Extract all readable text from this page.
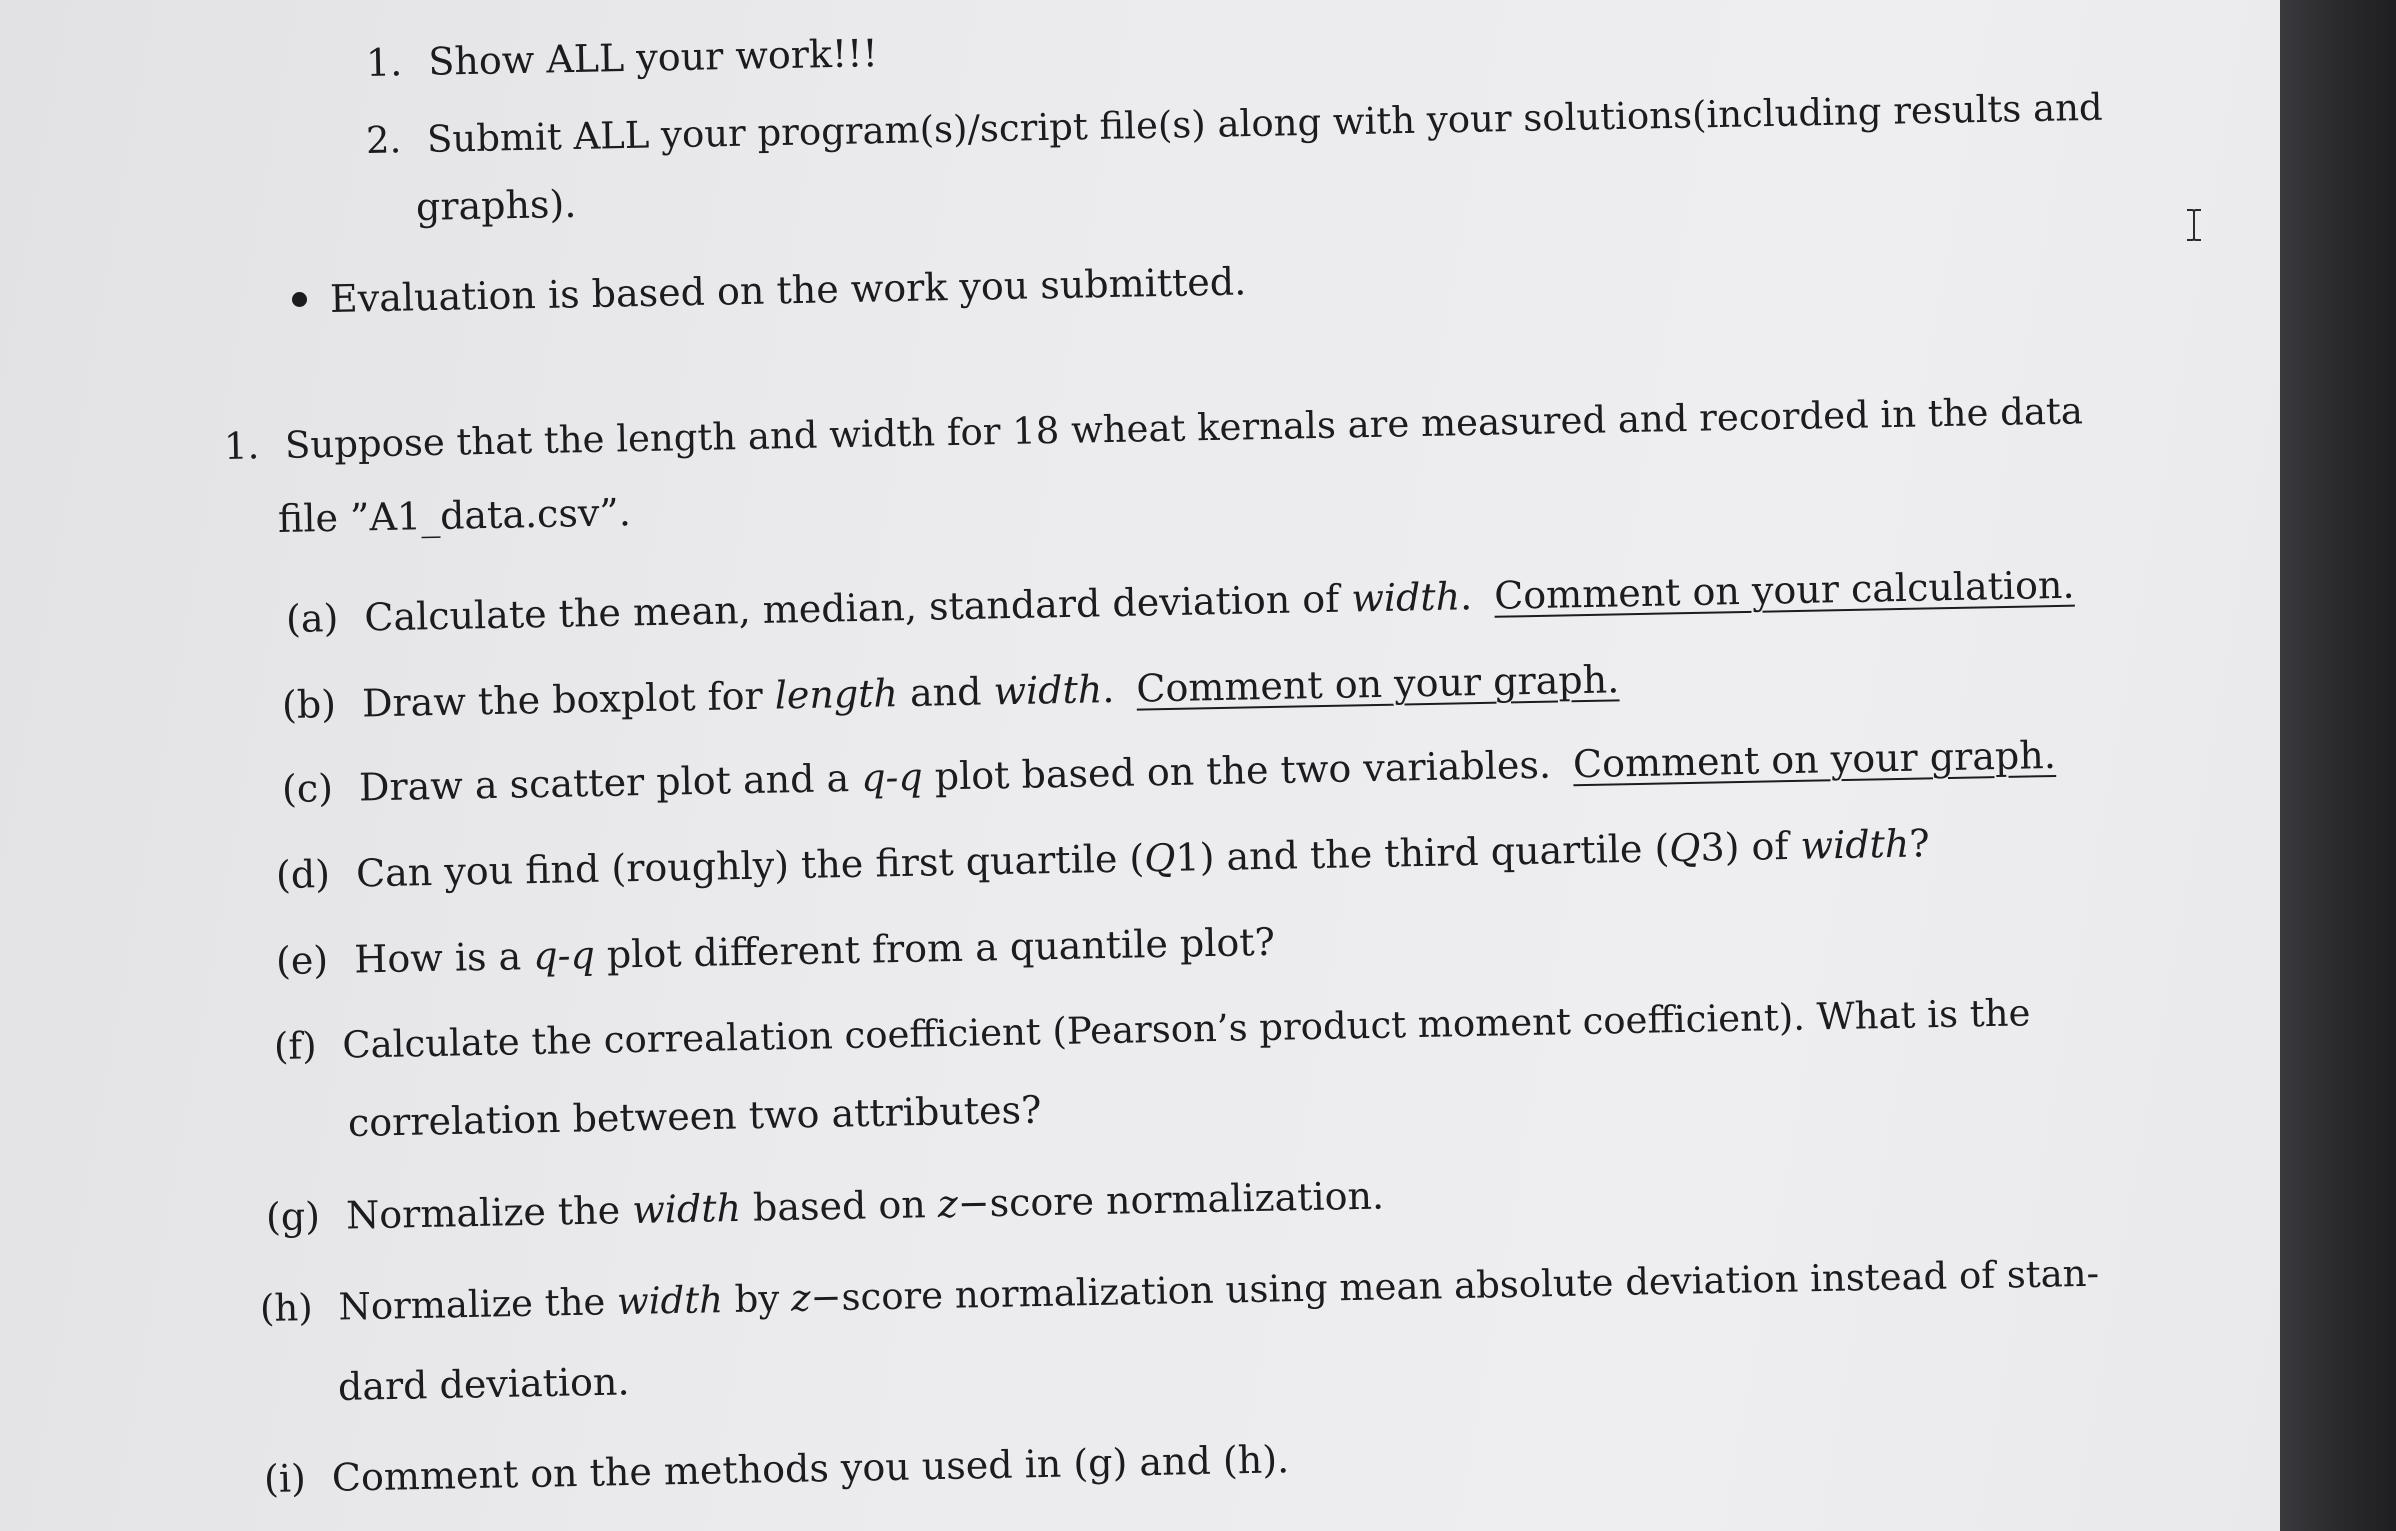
1. Show ALL your work!!!
2. Submit ALL your program(s)/script file(s) along with your solutions(including results and
graphs).
Evaluation is based on the work you submitted.
1. Suppose that the length and width for 18 wheat kernals are measured and recorded in the data
file ”A1_data.csv”.
(a) Calculate the mean, median, standard deviation of width. Comment on your calculation.
(b) Draw the boxplot for length and width. Comment on your graph.
(c) Draw a scatter plot and a q-q plot based on the two variables. Comment on your graph.
(d) Can you find (roughly) the first quartile (Q1) and the third quartile (Q3) of width?
(e) How is a q-q plot different from a quantile plot?
(f) Calculate the correalation coefficient (Pearson’s product moment coefficient). What is the
correlation between two attributes?
(g) Normalize the width based on z−score normalization.
(h) Normalize the width by z−score normalization using mean absolute deviation instead of stan-
dard deviation.
(i) Comment on the methods you used in (g) and (h).
